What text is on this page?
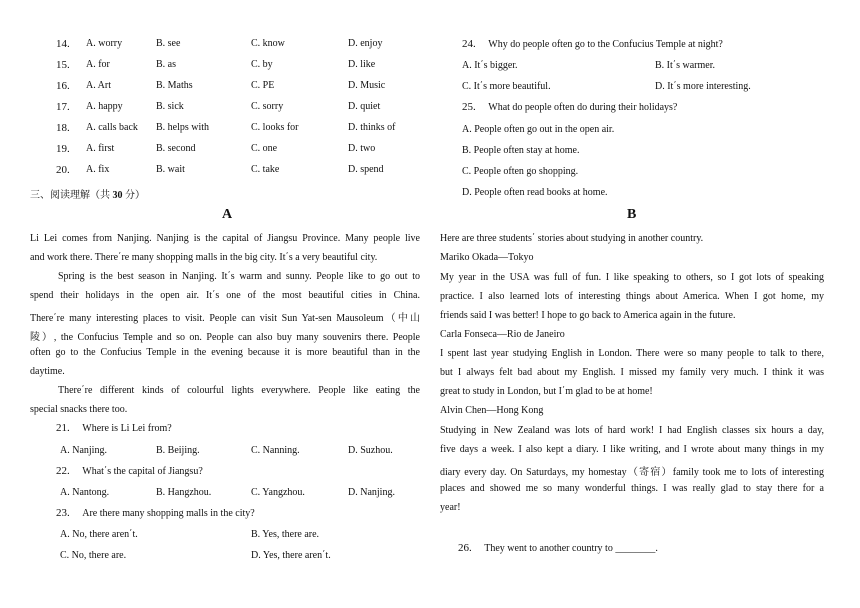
14. A. worry	B. see	C. know	D. enjoy
15. A. for	B. as	C. by	D. like
16. A. Art	B. Maths	C. PE	D. Music
17. A. happy	B. sick	C. sorry	D. quiet
18. A. calls back B. helps with	C. looks for	D. thinks of
19. A. first	B. second	C. one	D. two
20. A. fix	B. wait	C. take	D. spend
三、阅读理解（共 30 分）
A
Li Lei comes from Nanjing. Nanjing is the capital of Jiangsu Province. Many people live
and work there. There΄re many shopping malls in the big city. It΄s a very beautiful city.
Spring is the best season in Nanjing. It΄s warm and sunny. People like to go out to
spend their holidays in the open air. It΄s one of the most beautiful cities in China.
There΄re many interesting places to visit. People can visit Sun Yat-sen Mausoleum（中山
陵）, the Confucius Temple and so on. People can also buy many souvenirs there. People
often go to the Confucius Temple in the evening because it is more beautiful than in the
daytime.
There΄re different kinds of colourful lights everywhere. People like eating the
special snacks there too.
21. Where is Li Lei from?
A. Nanjing.	B. Beijing.	C. Nanning.	D. Suzhou.
22. What΄s the capital of Jiangsu?
A. Nantong.	B. Hangzhou.	C. Yangzhou.	D. Nanjing.
23. Are there many shopping malls in the city?
A. No, there aren΄t.	B. Yes, there are.
C. No, there are.	D. Yes, there aren΄t.
24. Why do people often go to the Confucius Temple at night?
A. It΄s bigger.	B. It΄s warmer.
C. It΄s more beautiful.	D. It΄s more interesting.
25. What do people often do during their holidays?
A. People often go out in the open air.
B. People often stay at home.
C. People often go shopping.
D. People often read books at home.
B
Here are three students΄ stories about studying in another country.
Mariko Okada—Tokyo
My year in the USA was full of fun. I like speaking to others, so I got lots of speaking
practice. I also learned lots of interesting things about America. When I got home, my
friends said I was better! I hope to go back to America again in the future.
Carla Fonseca—Rio de Janeiro
I spent last year studying English in London. There were so many people to talk to there,
but I always felt bad about my English. I missed my family very much. I think it was
great to study in London, but I΄m glad to be at home!
Alvin Chen—Hong Kong
Studying in New Zealand was lots of hard work! I had English classes six hours a day,
five days a week. I also kept a diary. I like writing, and I wrote about many things in my
diary every day. On Saturdays, my homestay（寄宿）family took me to lots of interesting
places and showed me so many wonderful things. I was really glad to stay there for a
year!
26. They went to another country to ________.
